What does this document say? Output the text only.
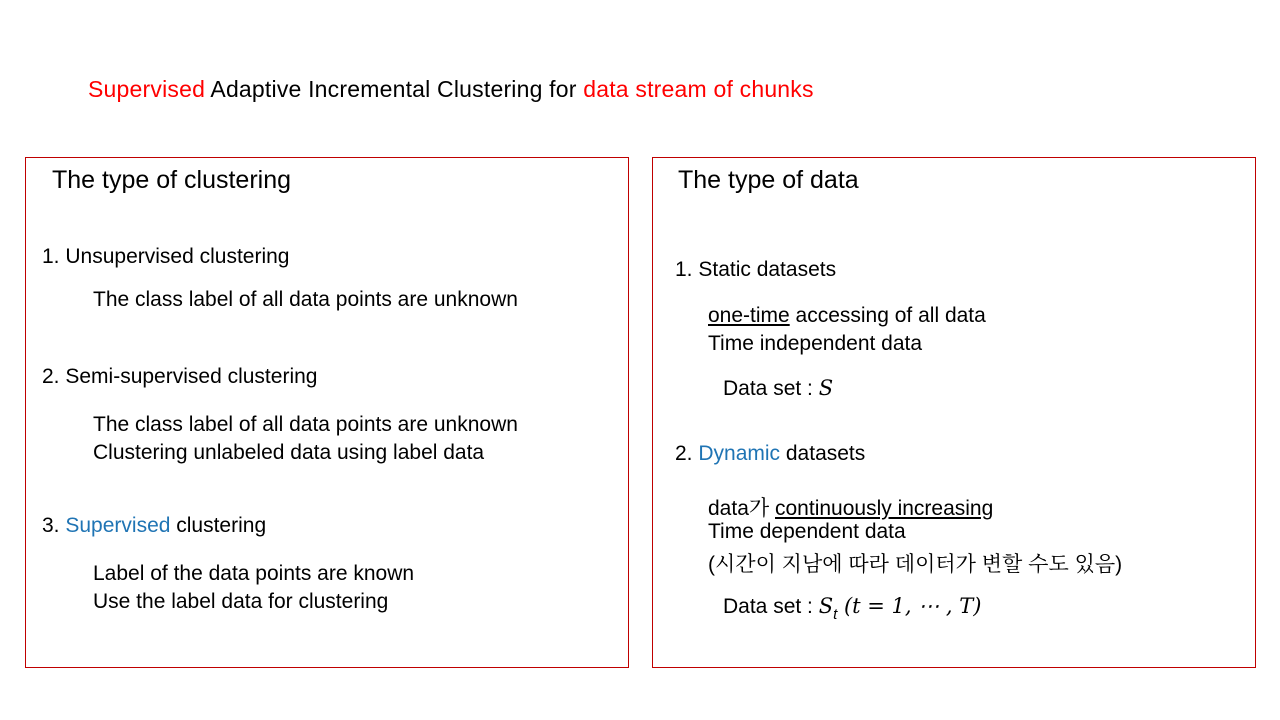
Supervised Adaptive Incremental Clustering for data stream of chunks
The type of clustering
1. Unsupervised clustering
The class label of all data points are unknown
2. Semi-supervised clustering
The class label of all data points are unknown
Clustering unlabeled data using label data
3. Supervised clustering
Label of the data points are known
Use the label data for clustering
The type of data
1. Static datasets
one-time accessing of all data
Time independent data
Data set : S
2. Dynamic datasets
data가 continuously increasing
Time dependent data
(시간이 지남에 따라 데이터가 변할 수도 있음)
Data set : $S_t$ (t = 1, ⋯ , T)
